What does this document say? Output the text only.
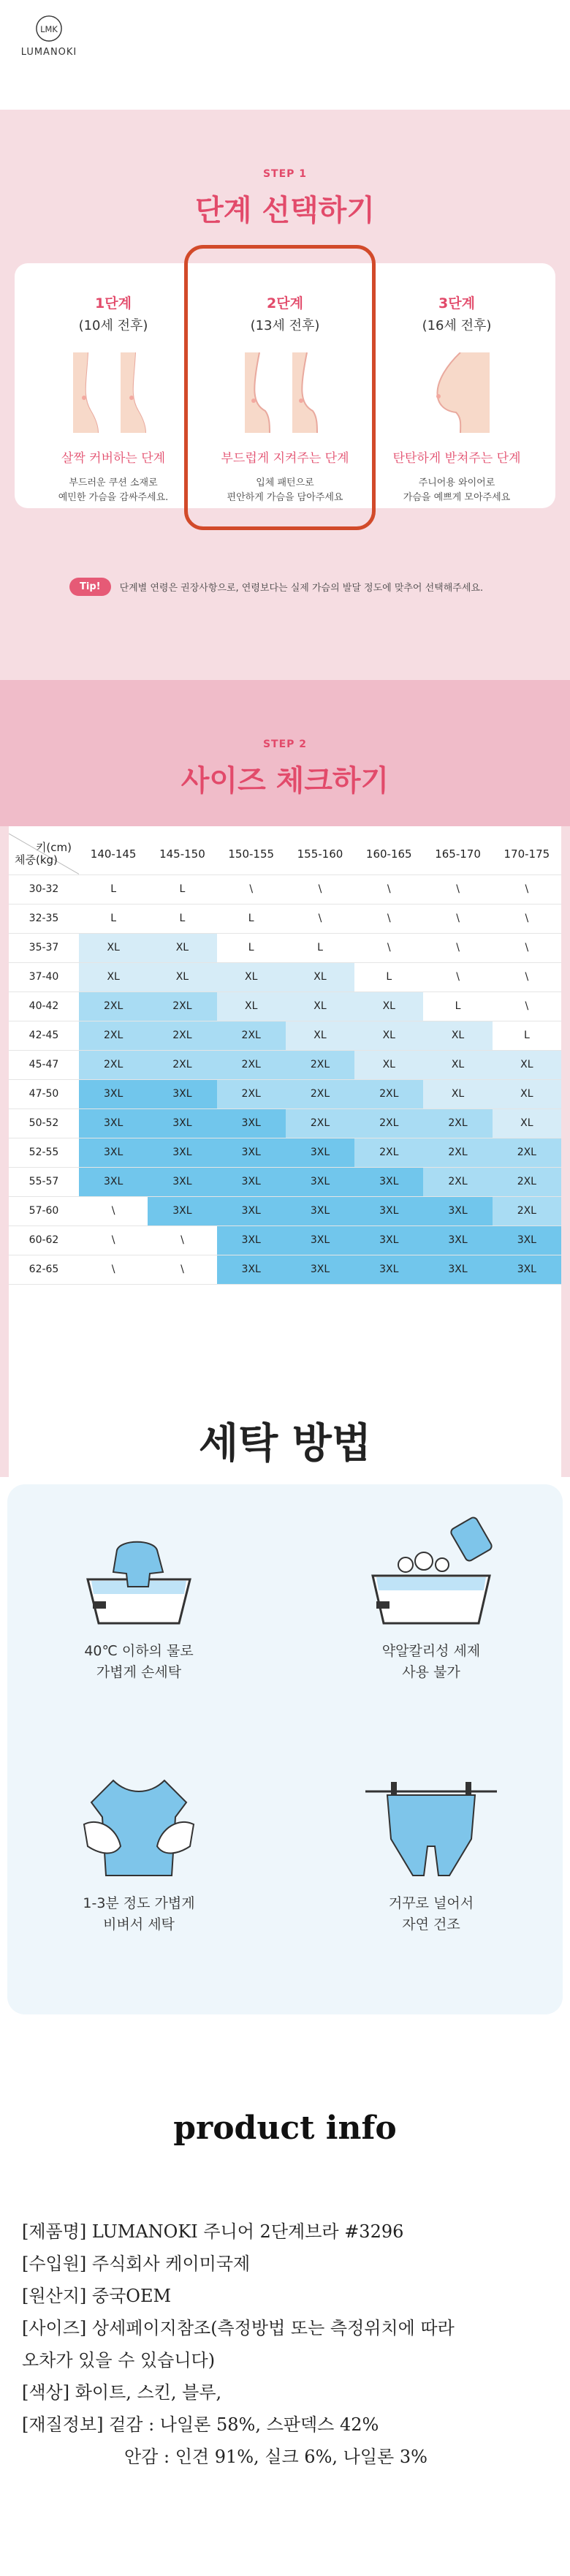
LMK
LUMANOKI
STEP 1
단계 선택하기
1단계
(10세 전후)
살짝 커버하는 단계
부드러운 쿠션 소재로
예민한 가슴을 감싸주세요.
2단계
(13세 전후)
부드럽게 지켜주는 단계
입체 패턴으로
편안하게 가슴을 담아주세요
3단계
(16세 전후)
탄탄하게 받쳐주는 단계
주니어용 와이어로
가슴을 예쁘게 모아주세요
Tip!	단계별 연령은 권장사항으로, 연령보다는 실제 가슴의 발달 정도에 맞추어 선택해주세요.
STEP 2
사이즈 체크하기
키(cm)
체중(kg)	140-145	145-150	150-155	155-160	160-165	165-170	170-175
30-32	L	L	\	\	\	\	\
32-35	L	L	L	\	\	\	\
35-37	XL	XL	L	L	\	\	\
37-40	XL	XL	XL	XL	L	\	\
40-42	2XL	2XL	XL	XL	XL	L	\
42-45	2XL	2XL	2XL	XL	XL	XL	L
45-47	2XL	2XL	2XL	2XL	XL	XL	XL
47-50	3XL	3XL	2XL	2XL	2XL	XL	XL
50-52	3XL	3XL	3XL	2XL	2XL	2XL	XL
52-55	3XL	3XL	3XL	3XL	2XL	2XL	2XL
55-57	3XL	3XL	3XL	3XL	3XL	2XL	2XL
57-60	\	3XL	3XL	3XL	3XL	3XL	2XL
60-62	\	\	3XL	3XL	3XL	3XL	3XL
62-65	\	\	3XL	3XL	3XL	3XL	3XL
세탁 방법
40℃ 이하의 물로
가볍게 손세탁
약알칼리성 세제
사용 불가
1-3분 정도 가볍게
비벼서 세탁
거꾸로 널어서
자연 건조
product info
[제품명] LUMANOKI 주니어 2단계브라 #3296
[수입원] 주식회사 케이미국제
[원산지] 중국OEM
[사이즈] 상세페이지참조(측정방법 또는 측정위치에 따라
오차가 있을 수 있습니다)
[색상] 화이트, 스킨, 블루,
[재질정보] 겉감 : 나일론 58%, 스판덱스 42%
안감 : 인견 91%, 실크 6%, 나일론 3%
